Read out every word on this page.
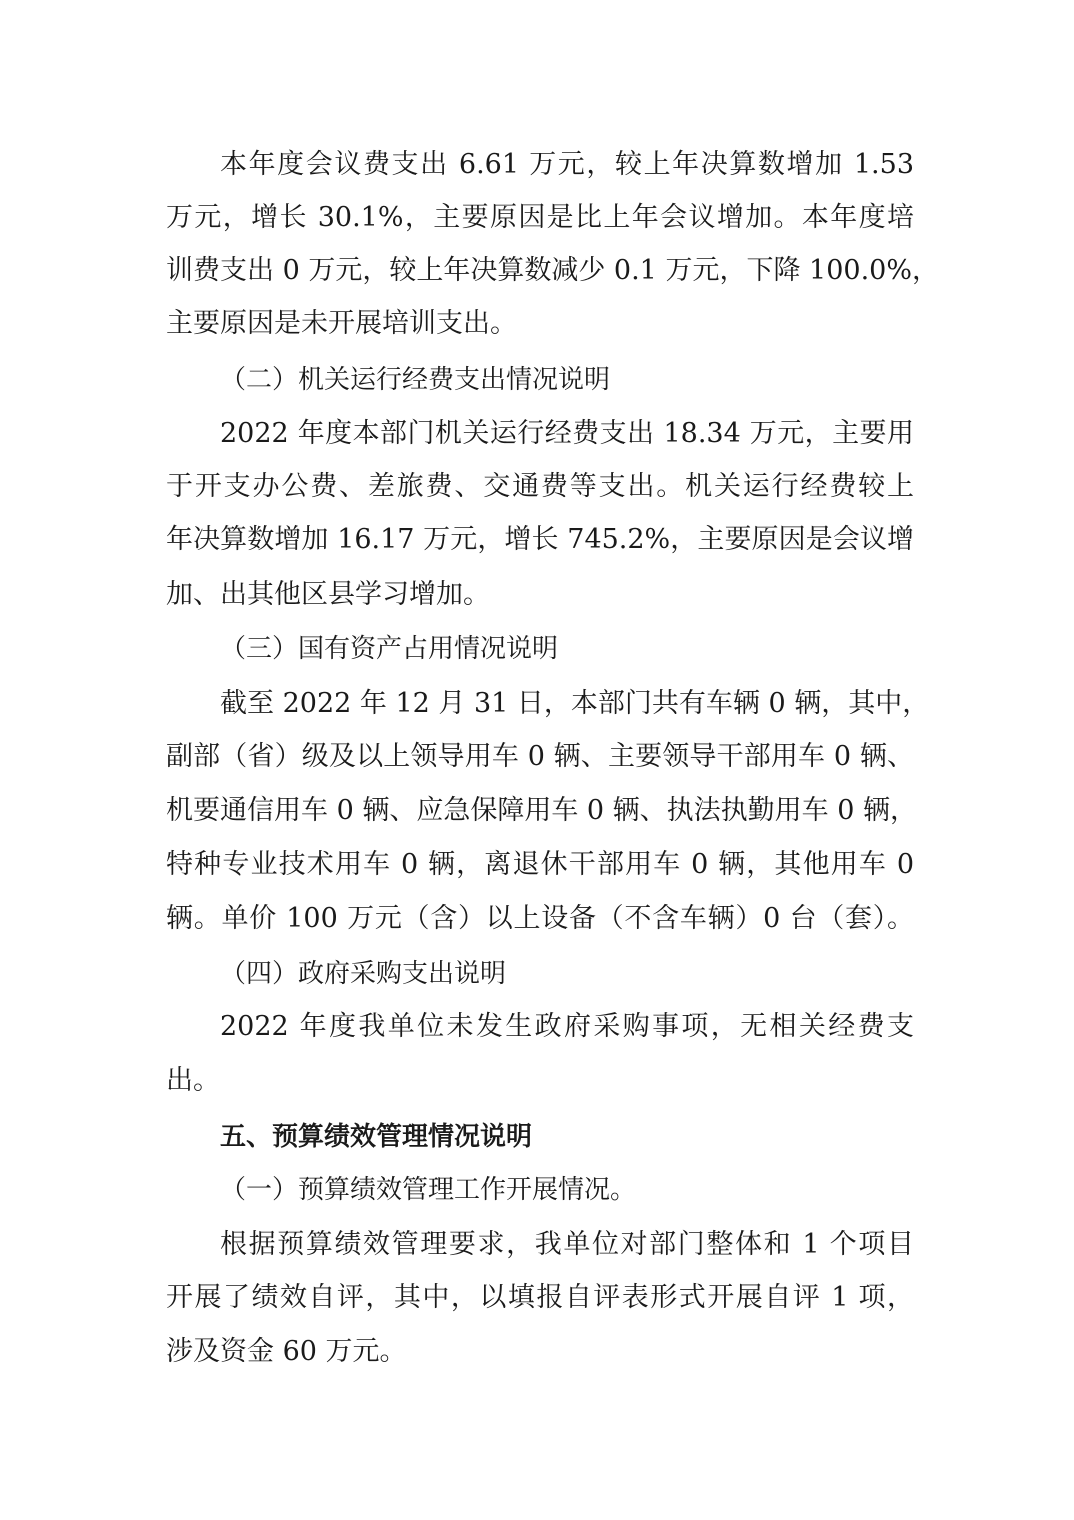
本年度会议费支出 6.61 万元，较上年决算数增加 1.53
万元，增长 30.1%，主要原因是比上年会议增加。本年度培
训费支出 0 万元，较上年决算数减少 0.1 万元，下降 100.0%，
主要原因是未开展培训支出。
（二）机关运行经费支出情况说明
2022 年度本部门机关运行经费支出 18.34 万元，主要用
于开支办公费、差旅费、交通费等支出。机关运行经费较上
年决算数增加 16.17 万元，增长 745.2%，主要原因是会议增
加、出其他区县学习增加。
（三）国有资产占用情况说明
截至 2022 年 12 月 31 日，本部门共有车辆 0 辆，其中，
副部（省）级及以上领导用车 0 辆、主要领导干部用车 0 辆、
机要通信用车 0 辆、应急保障用车 0 辆、执法执勤用车 0 辆，
特种专业技术用车 0 辆，离退休干部用车 0 辆，其他用车 0
辆。单价 100 万元（含）以上设备（不含车辆）0 台（套）。
（四）政府采购支出说明
2022 年度我单位未发生政府采购事项，无相关经费支
出。
五、预算绩效管理情况说明
（一）预算绩效管理工作开展情况。
根据预算绩效管理要求，我单位对部门整体和 1 个项目
开展了绩效自评，其中，以填报自评表形式开展自评 1 项，
涉及资金 60 万元。
